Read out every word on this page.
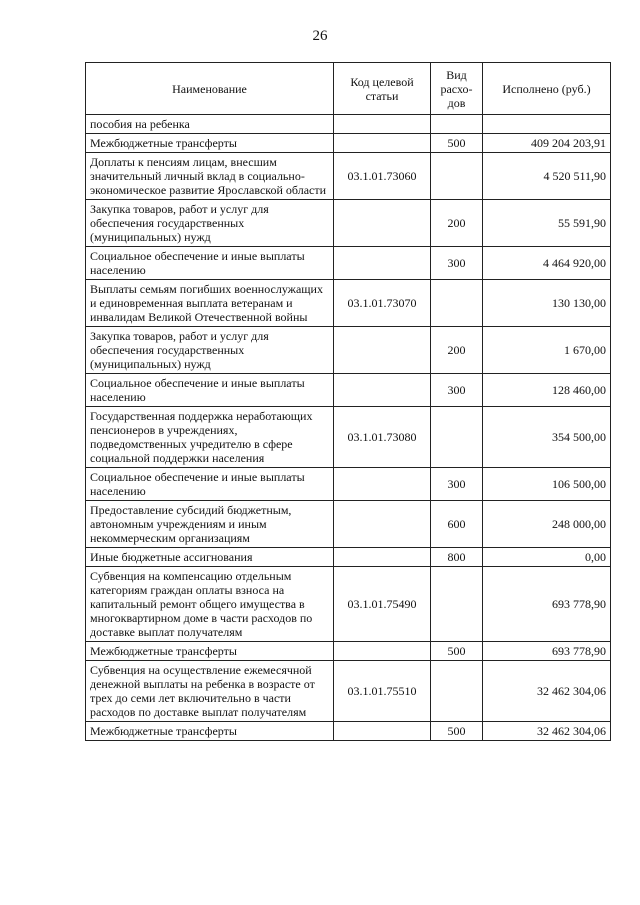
26
Наименование	Код целевой статьи	Вид расхо-дов	Исполнено (руб.)
пособия на ребенка			
Межбюджетные трансферты		500	409 204 203,91
Доплаты к пенсиям лицам, внесшим значительный личный вклад в социально-экономическое развитие Ярославской области	03.1.01.73060		4 520 511,90
Закупка товаров, работ и услуг для обеспечения государственных (муниципальных) нужд		200	55 591,90
Социальное обеспечение и иные выплаты населению		300	4 464 920,00
Выплаты семьям погибших военнослужащих и единовременная выплата ветеранам и инвалидам Великой Отечественной войны	03.1.01.73070		130 130,00
Закупка товаров, работ и услуг для обеспечения государственных (муниципальных) нужд		200	1 670,00
Социальное обеспечение и иные выплаты населению		300	128 460,00
Государственная поддержка неработающих пенсионеров в учреждениях, подведомственных учредителю в сфере социальной поддержки населения	03.1.01.73080		354 500,00
Социальное обеспечение и иные выплаты населению		300	106 500,00
Предоставление субсидий бюджетным, автономным учреждениям и иным некоммерческим организациям		600	248 000,00
Иные бюджетные ассигнования		800	0,00
Субвенция на компенсацию отдельным категориям граждан оплаты взноса на капитальный ремонт общего имущества в многоквартирном доме в части расходов по доставке выплат получателям	03.1.01.75490		693 778,90
Межбюджетные трансферты		500	693 778,90
Субвенция на осуществление ежемесячной денежной выплаты на ребенка в возрасте от трех до семи лет включительно в части расходов по доставке выплат получателям	03.1.01.75510		32 462 304,06
Межбюджетные трансферты		500	32 462 304,06
